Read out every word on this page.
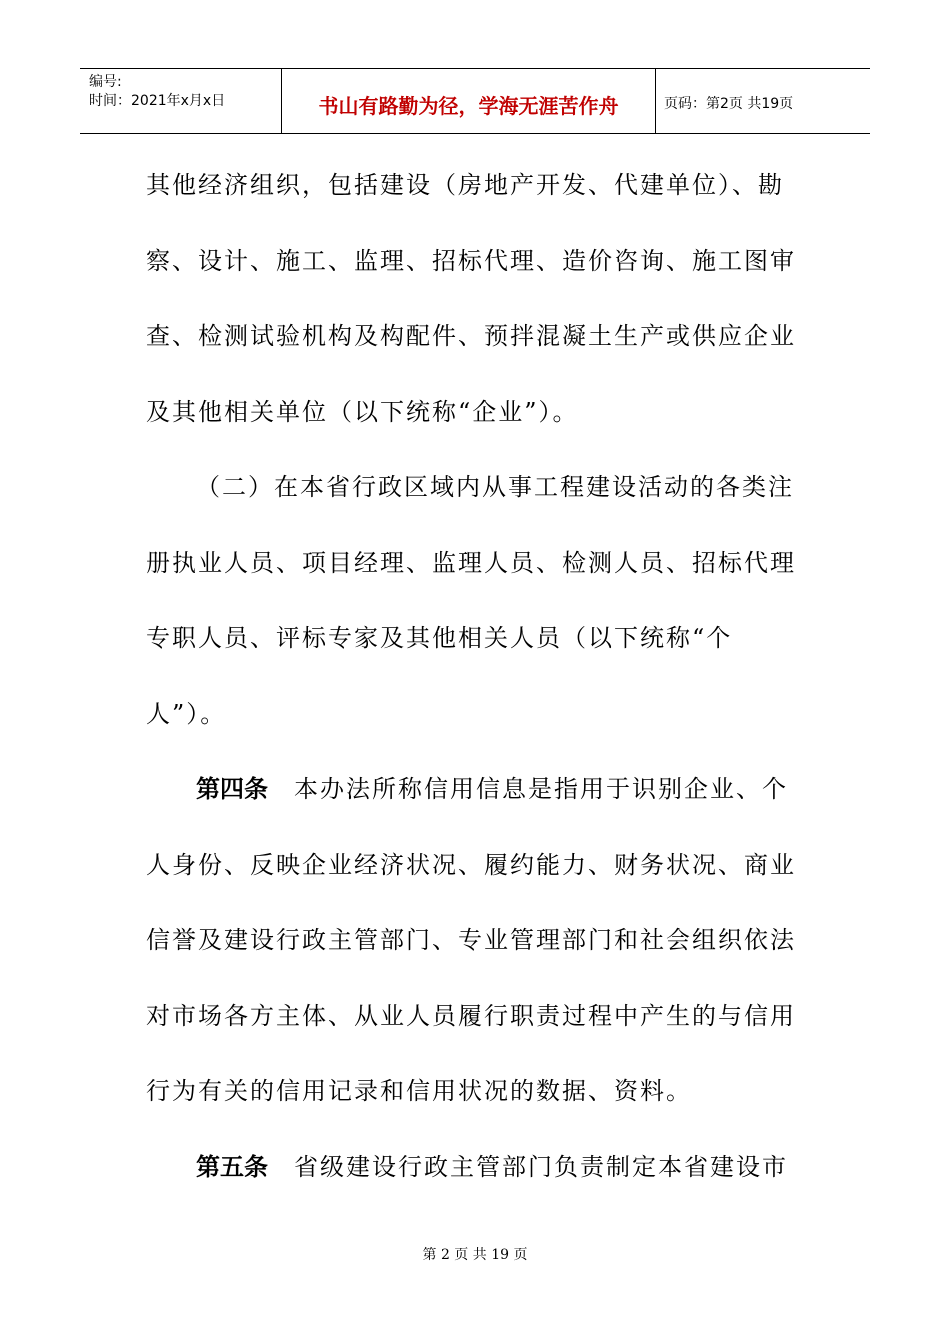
编号:
时间：2021年x月x日	书山有路勤为径，学海无涯苦作舟	页码：第2页 共19页
其他经济组织，包括建设（房地产开发、代建单位）、勘
察、设计、施工、监理、招标代理、造价咨询、施工图审
查、检测试验机构及构配件、预拌混凝土生产或供应企业
及其他相关单位（以下统称“企业”）。
（二）在本省行政区域内从事工程建设活动的各类注
册执业人员、项目经理、监理人员、检测人员、招标代理
专职人员、评标专家及其他相关人员（以下统称“个
人”）。
第四条 本办法所称信用信息是指用于识别企业、个
人身份、反映企业经济状况、履约能力、财务状况、商业
信誉及建设行政主管部门、专业管理部门和社会组织依法
对市场各方主体、从业人员履行职责过程中产生的与信用
行为有关的信用记录和信用状况的数据、资料。
第五条 省级建设行政主管部门负责制定本省建设市
第 2 页 共 19 页
